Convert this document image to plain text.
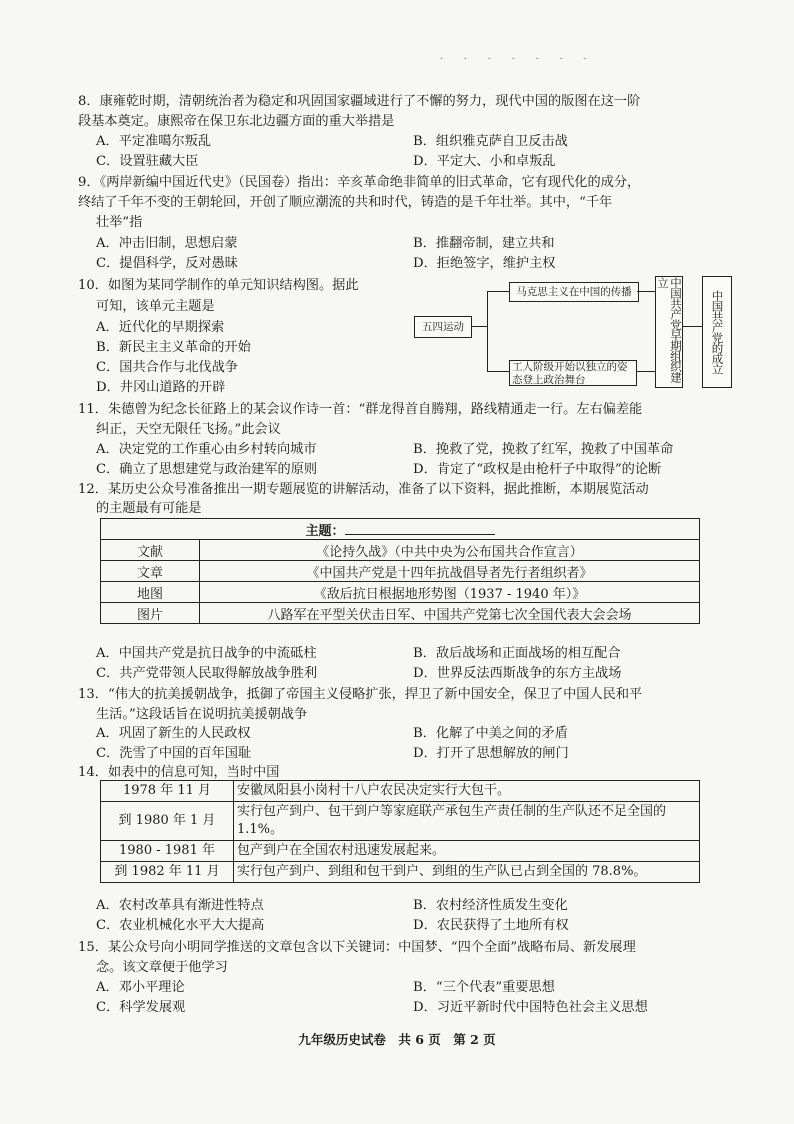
- - - - - - -
8．康雍乾时期，清朝统治者为稳定和巩固国家疆域进行了不懈的努力，现代中国的版图在这一阶
段基本奠定。康熙帝在保卫东北边疆方面的重大举措是
A．平定准噶尔叛乱	B．组织雅克萨自卫反击战
C．设置驻藏大臣	D．平定大、小和卓叛乱
9．《两岸新编中国近代史》（民国卷）指出：辛亥革命绝非简单的旧式革命，它有现代化的成分，
终结了千年不变的王朝轮回，开创了顺应潮流的共和时代，铸造的是千年壮举。其中，“千年
壮举”指
A．冲击旧制，思想启蒙	B．推翻帝制，建立共和
C．提倡科学，反对愚昧	D．拒绝签字，维护主权
10．如图为某同学制作的单元知识结构图。据此
可知，该单元主题是
A．近代化的早期探索
B．新民主主义革命的开始
C．国共合作与北伐战争
D．井冈山道路的开辟
五四运动
马克思主义在中国的传播
工人阶级开始以独立的姿态登上政治舞台	中国共产党早期组织建立
中国共产党的成立
11．朱德曾为纪念长征路上的某会议作诗一首：“群龙得首自腾翔，路线精通走一行。左右偏差能
纠正，天空无限任飞扬。”此会议
A．决定党的工作重心由乡村转向城市	B．挽救了党，挽救了红军，挽救了中国革命
C．确立了思想建党与政治建军的原则	D．肯定了“政权是由枪杆子中取得”的论断
12．某历史公众号准备推出一期专题展览的讲解活动，准备了以下资料，据此推断，本期展览活动
的主题最有可能是
主题：	
文献	《论持久战》（中共中央为公布国共合作宣言）
文章	《中国共产党是十四年抗战倡导者先行者组织者》
地图	《敌后抗日根据地形势图（1937 - 1940 年）》
图片	八路军在平型关伏击日军、中国共产党第七次全国代表大会会场
A．中国共产党是抗日战争的中流砥柱	B．敌后战场和正面战场的相互配合
C．共产党带领人民取得解放战争胜利	D．世界反法西斯战争的东方主战场
13．“伟大的抗美援朝战争，抵御了帝国主义侵略扩张，捍卫了新中国安全，保卫了中国人民和平
生活。”这段话旨在说明抗美援朝战争
A．巩固了新生的人民政权	B．化解了中美之间的矛盾
C．洗雪了中国的百年国耻	D．打开了思想解放的闸门
14．如表中的信息可知，当时中国
1978 年 11 月	安徽凤阳县小岗村十八户农民决定实行大包干。
到 1980 年 1 月	实行包产到户、包干到户等家庭联产承包生产责任制的生产队还不足全国的 1.1%。
1980 - 1981 年	包产到户在全国农村迅速发展起来。
到 1982 年 11 月	实行包产到户、到组和包干到户、到组的生产队已占到全国的 78.8%。
A．农村改革具有渐进性特点	B．农村经济性质发生变化
C．农业机械化水平大大提高	D．农民获得了土地所有权
15．某公众号向小明同学推送的文章包含以下关键词：中国梦、“四个全面”战略布局、新发展理
念。该文章便于他学习
A．邓小平理论	B．“三个代表”重要思想
C．科学发展观	D．习近平新时代中国特色社会主义思想
九年级历史试卷　共 6 页　第 2 页
